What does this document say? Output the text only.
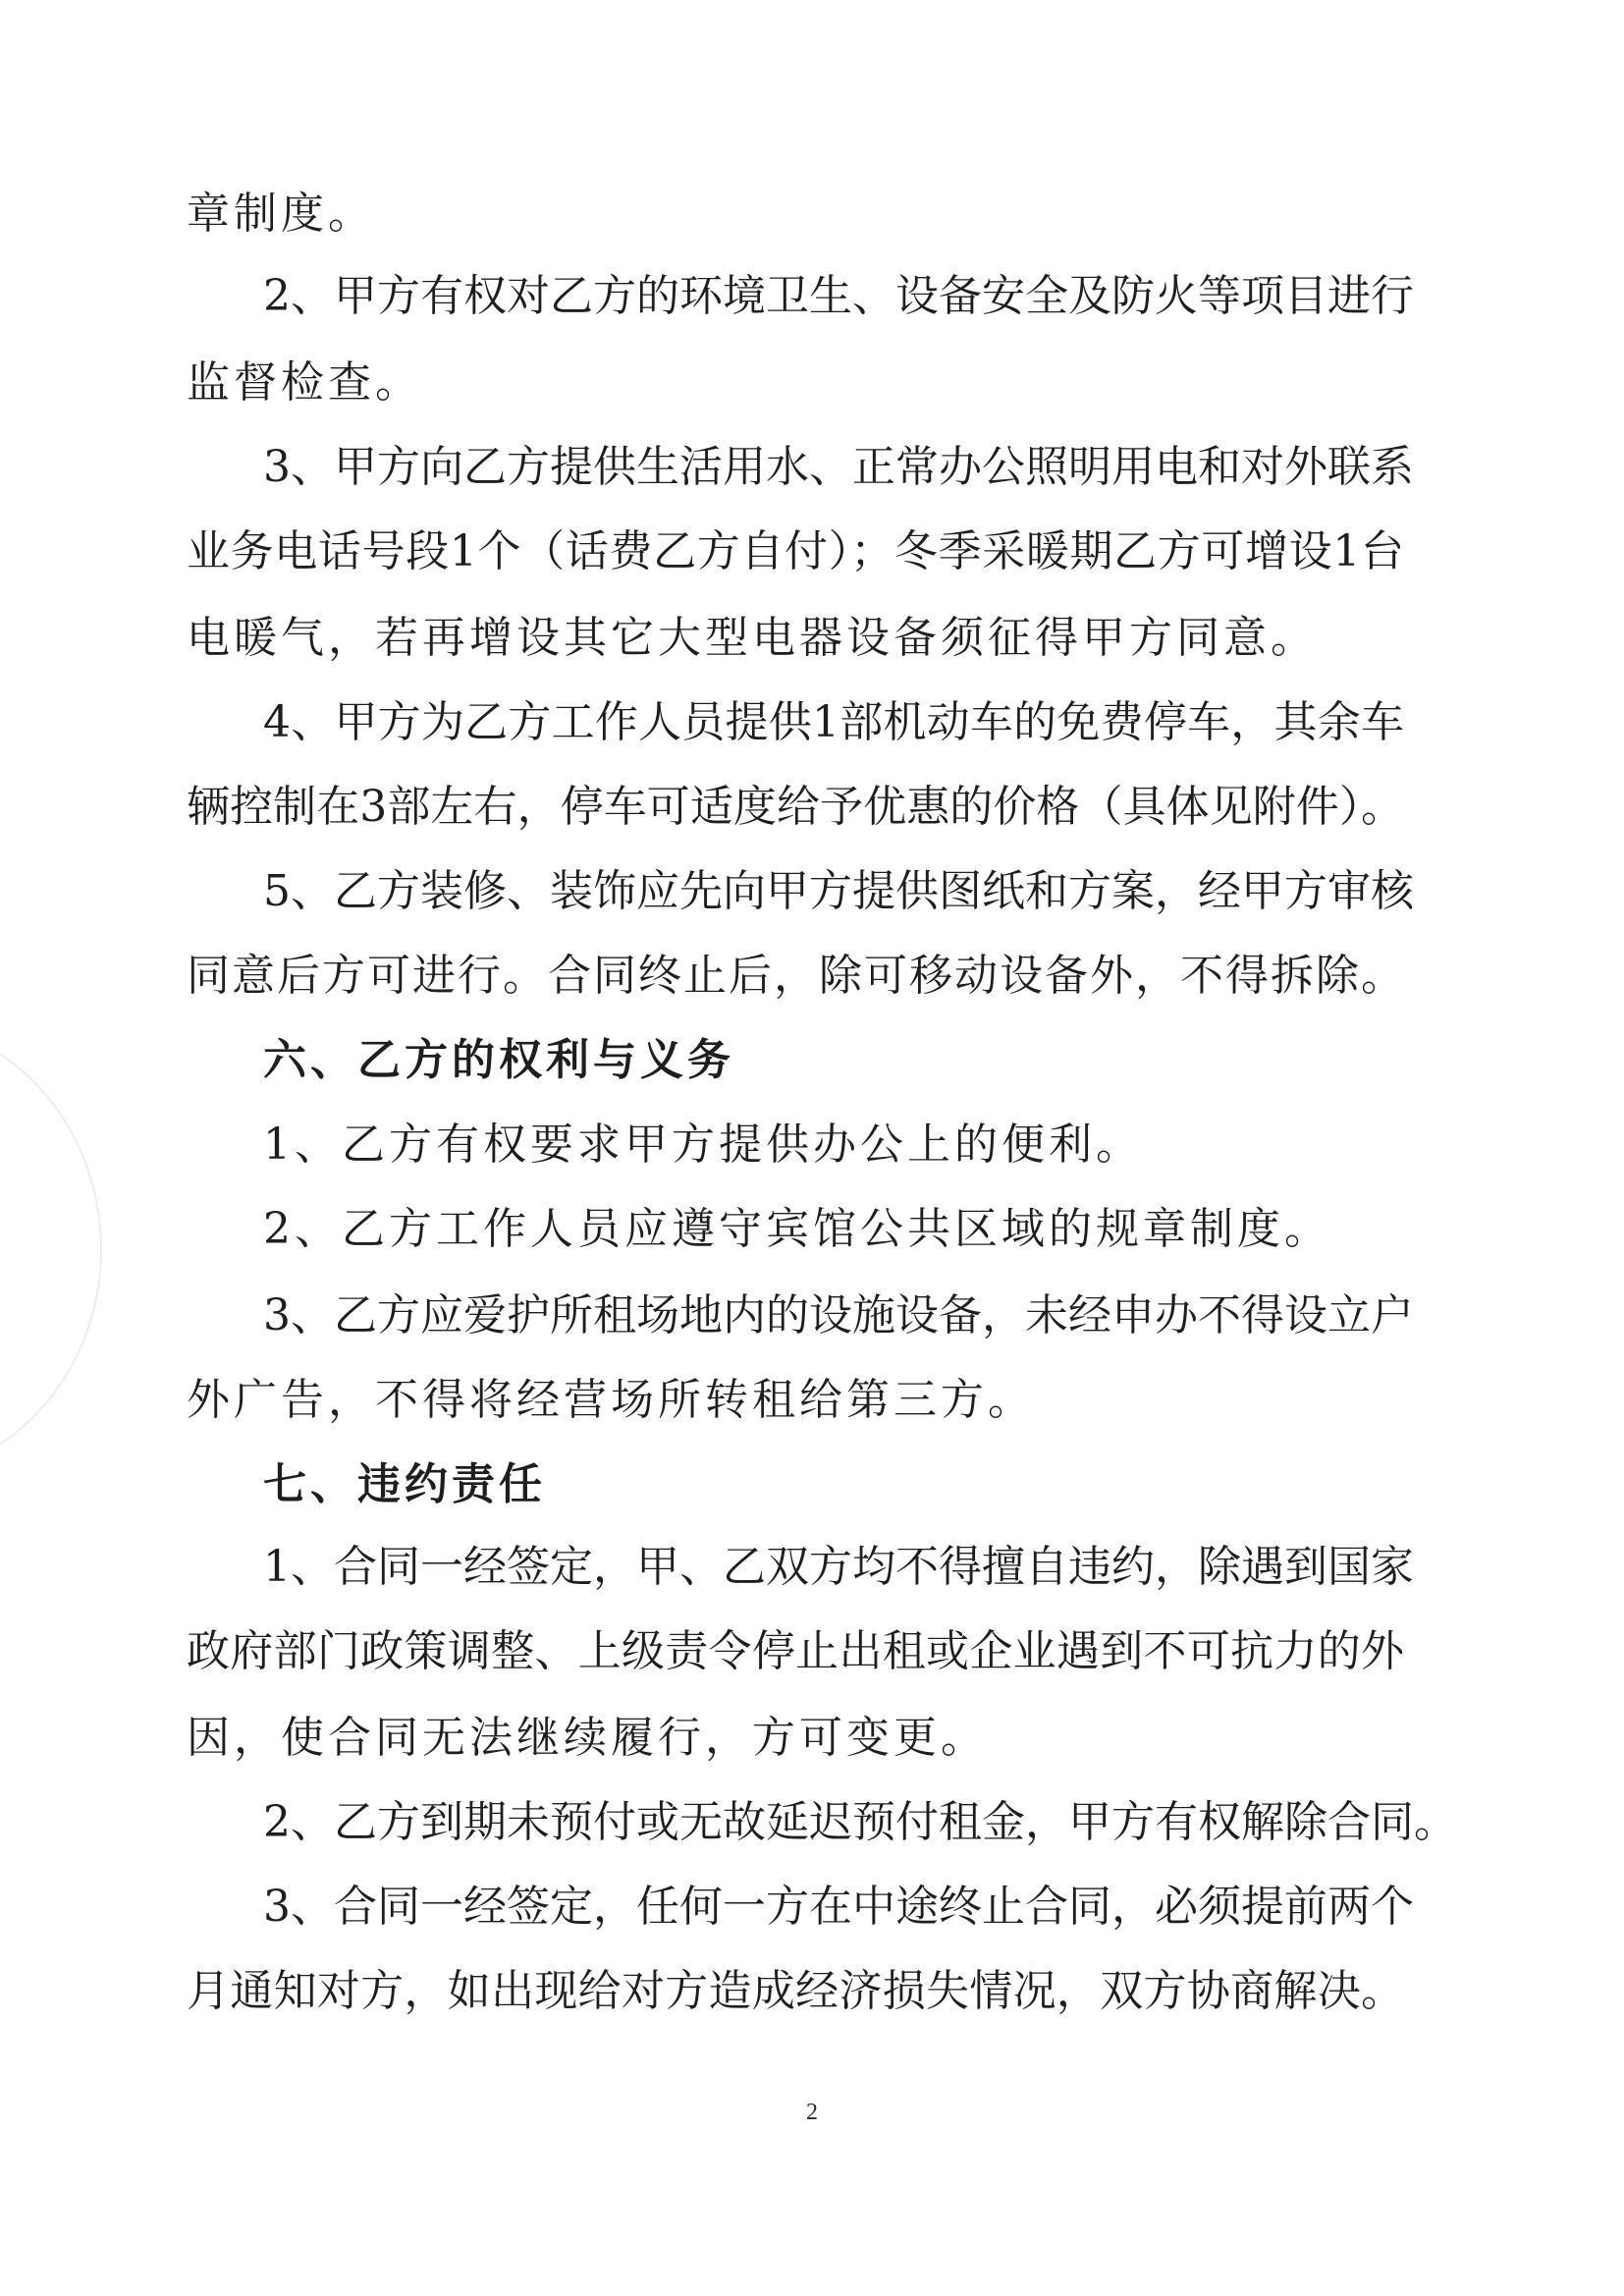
章制度。
2、甲方有权对乙方的环境卫生、设备安全及防火等项目进行
监督检查。
3、甲方向乙方提供生活用水、正常办公照明用电和对外联系
业务电话号段1个（话费乙方自付）；冬季采暖期乙方可增设1台
电暖气，若再增设其它大型电器设备须征得甲方同意。
4、甲方为乙方工作人员提供1部机动车的免费停车，其余车
辆控制在3部左右，停车可适度给予优惠的价格（具体见附件）。
5、乙方装修、装饰应先向甲方提供图纸和方案，经甲方审核
同意后方可进行。合同终止后，除可移动设备外，不得拆除。
六、乙方的权利与义务
1、乙方有权要求甲方提供办公上的便利。
2、乙方工作人员应遵守宾馆公共区域的规章制度。
3、乙方应爱护所租场地内的设施设备，未经申办不得设立户
外广告，不得将经营场所转租给第三方。
七、违约责任
1、合同一经签定，甲、乙双方均不得擅自违约，除遇到国家
政府部门政策调整、上级责令停止出租或企业遇到不可抗力的外
因，使合同无法继续履行，方可变更。
2、乙方到期未预付或无故延迟预付租金，甲方有权解除合同。
3、合同一经签定，任何一方在中途终止合同，必须提前两个
月通知对方，如出现给对方造成经济损失情况，双方协商解决。
2
